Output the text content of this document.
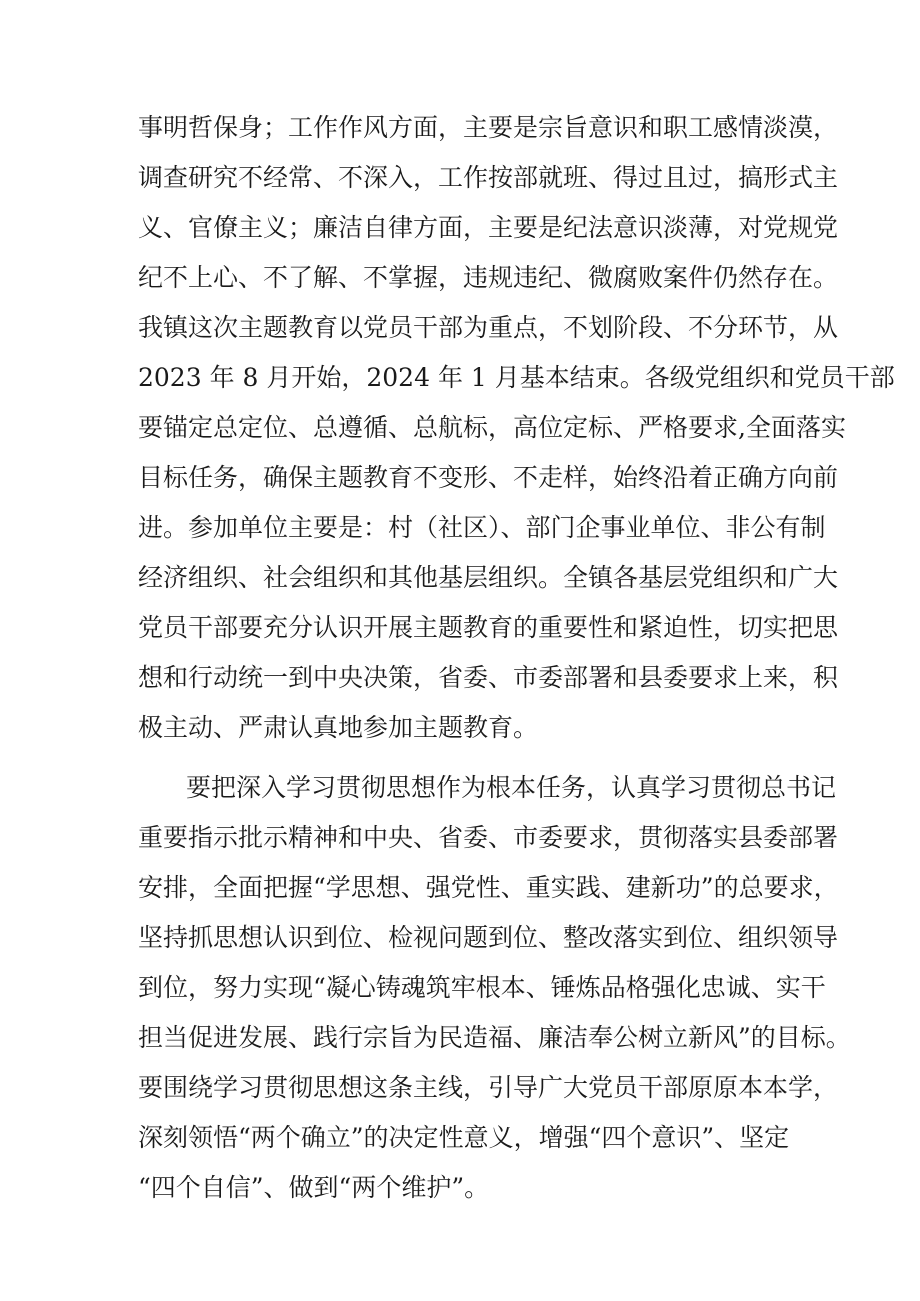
事明哲保身；工作作风方面，主要是宗旨意识和职工感情淡漠，
调查研究不经常、不深入，工作按部就班、得过且过，搞形式主
义、官僚主义；廉洁自律方面，主要是纪法意识淡薄，对党规党
纪不上心、不了解、不掌握，违规违纪、微腐败案件仍然存在。
我镇这次主题教育以党员干部为重点，不划阶段、不分环节，从
2023 年 8 月开始，2024 年 1 月基本结束。各级党组织和党员干部
要锚定总定位、总遵循、总航标，高位定标、严格要求,全面落实
目标任务，确保主题教育不变形、不走样，始终沿着正确方向前
进。参加单位主要是：村（社区）、部门企事业单位、非公有制
经济组织、社会组织和其他基层组织。全镇各基层党组织和广大
党员干部要充分认识开展主题教育的重要性和紧迫性，切实把思
想和行动统一到中央决策，省委、市委部署和县委要求上来，积
极主动、严肃认真地参加主题教育。
要把深入学习贯彻思想作为根本任务，认真学习贯彻总书记
重要指示批示精神和中央、省委、市委要求，贯彻落实县委部署
安排，全面把握“学思想、强党性、重实践、建新功”的总要求，
坚持抓思想认识到位、检视问题到位、整改落实到位、组织领导
到位，努力实现“凝心铸魂筑牢根本、锤炼品格强化忠诚、实干
担当促进发展、践行宗旨为民造福、廉洁奉公树立新风”的目标。
要围绕学习贯彻思想这条主线，引导广大党员干部原原本本学，
深刻领悟“两个确立”的决定性意义，增强“四个意识”、坚定
“四个自信”、做到“两个维护”。
